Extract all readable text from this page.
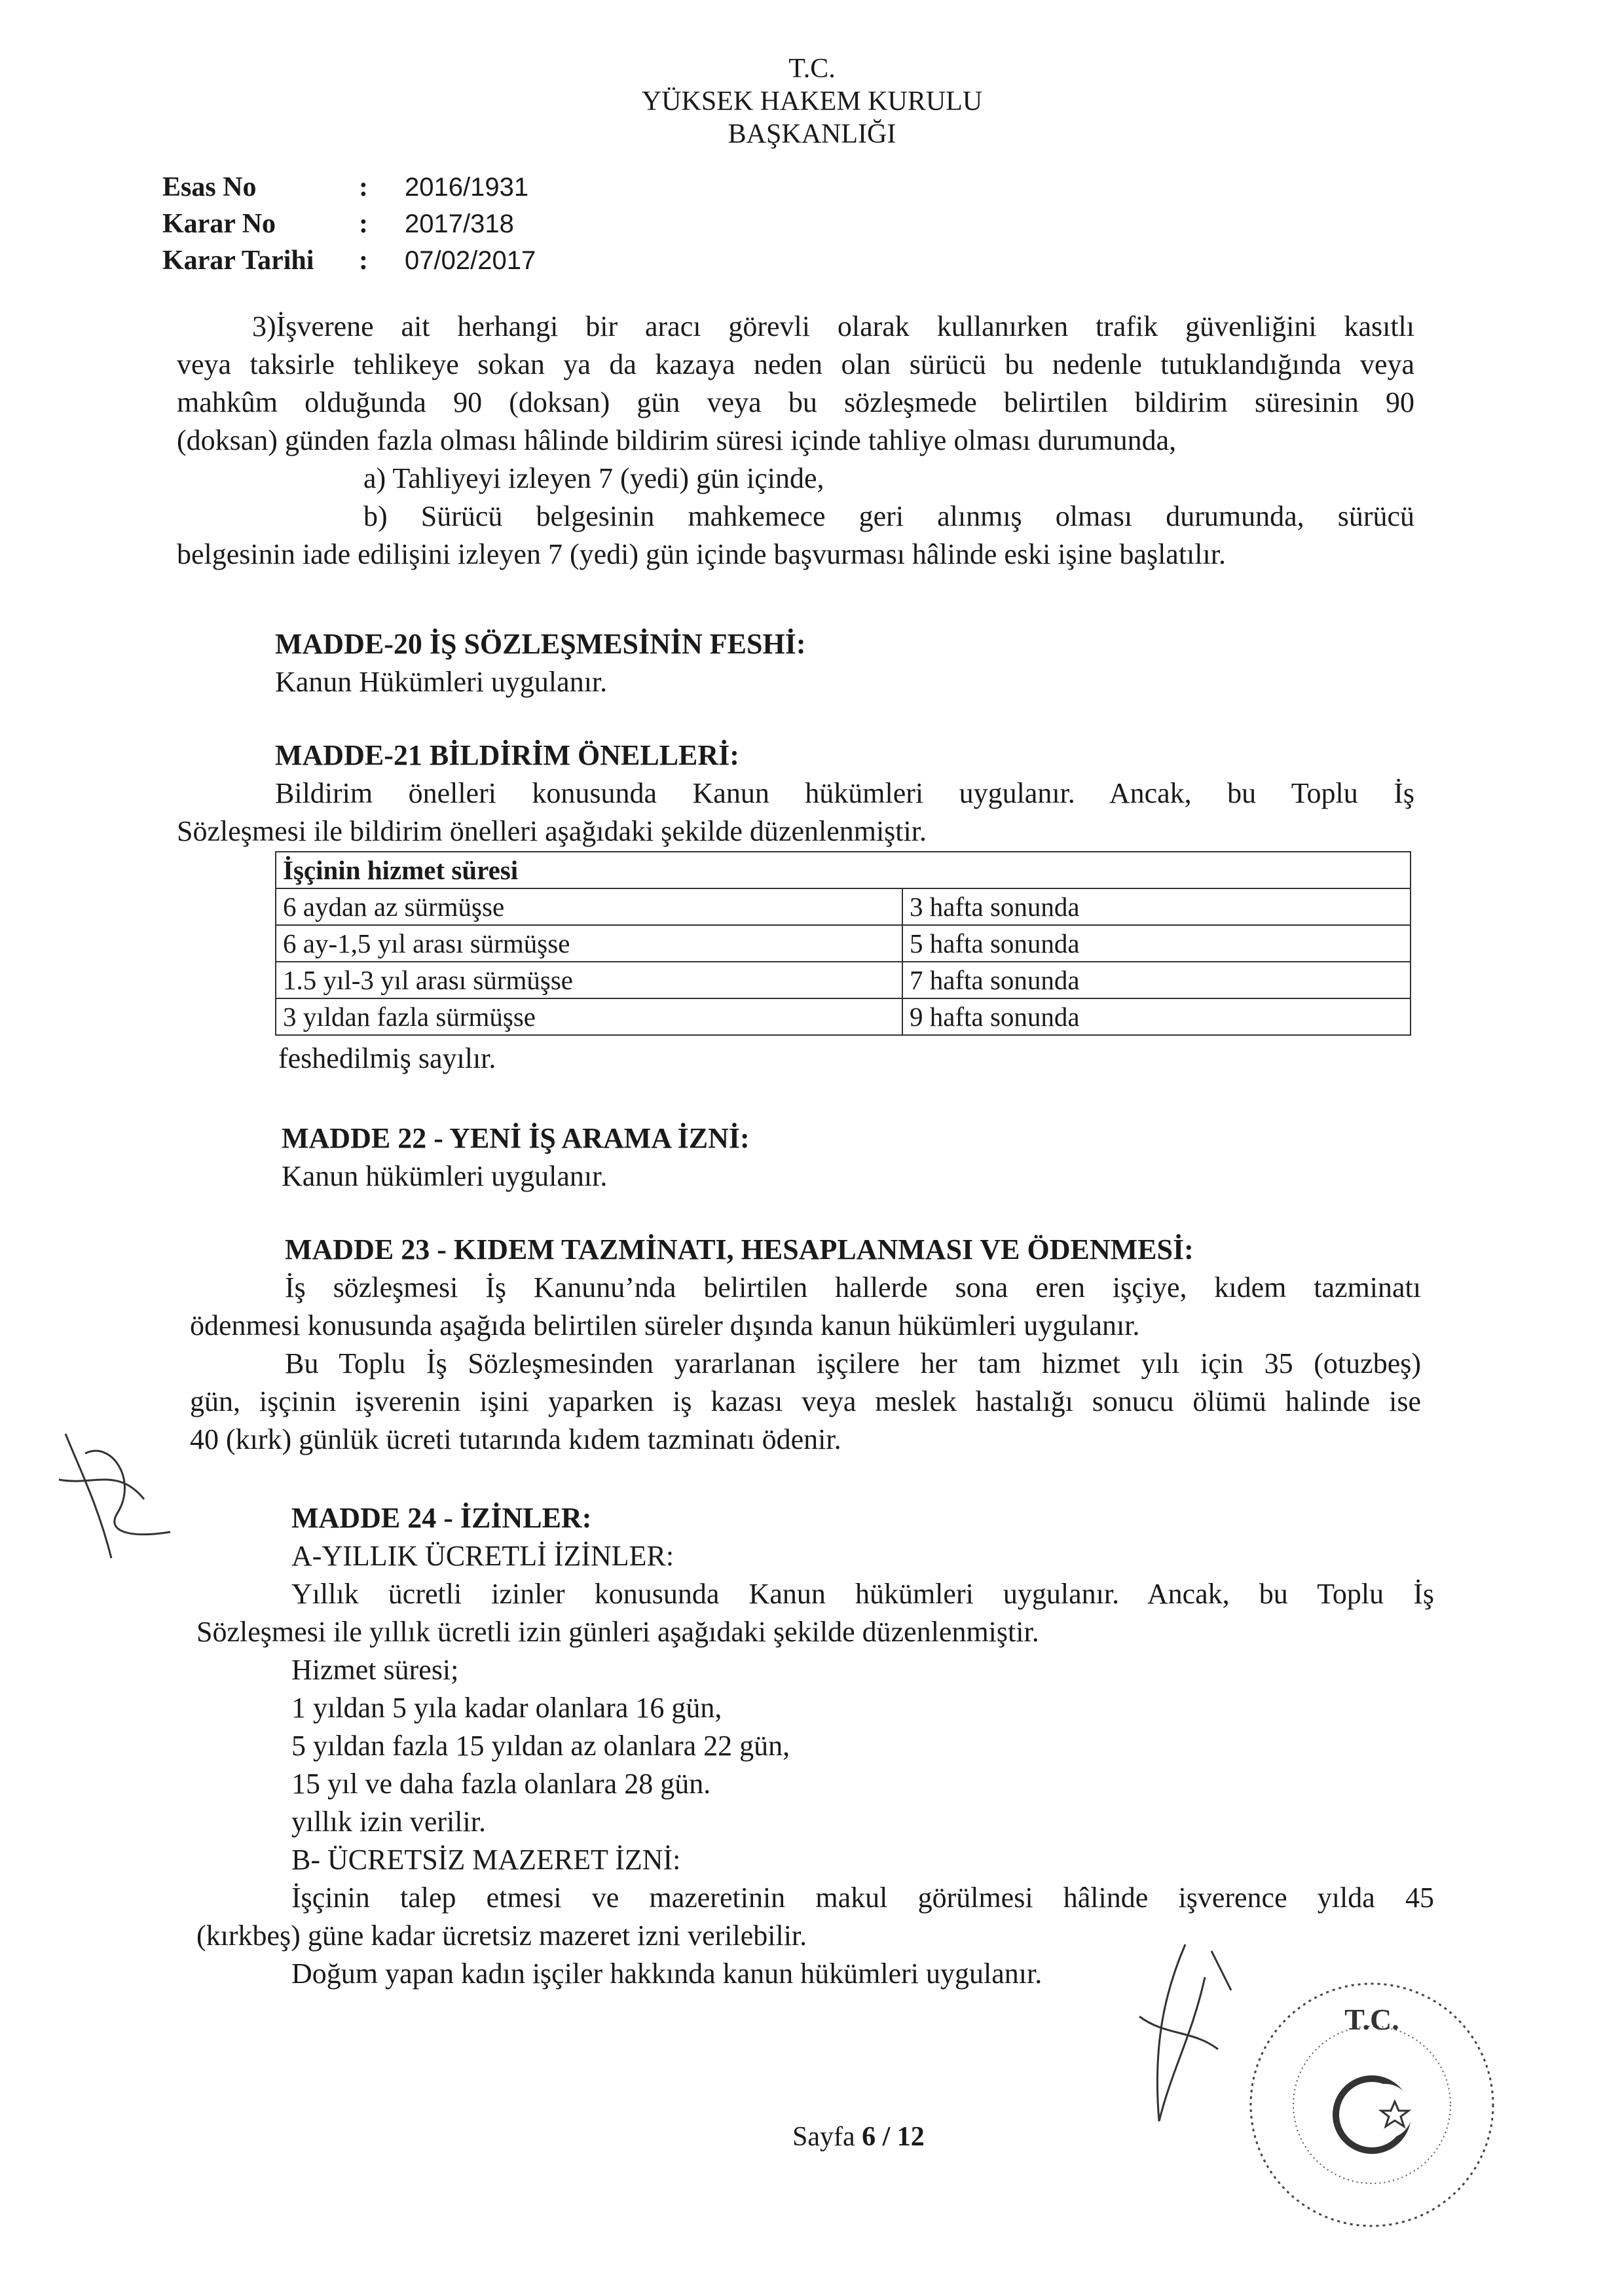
T.C.
YÜKSEK HAKEM KURULU
BAŞKANLIĞI
Esas No	: 2016/1931
Karar No	: 2017/318
Karar Tarihi : 07/02/2017
3)İşverene ait herhangi bir aracı görevli olarak kullanırken trafik güvenliğini kasıtlı
veya taksirle tehlikeye sokan ya da kazaya neden olan sürücü bu nedenle tutuklandığında veya
mahkûm olduğunda 90 (doksan) gün veya bu sözleşmede belirtilen bildirim süresinin 90
(doksan) günden fazla olması hâlinde bildirim süresi içinde tahliye olması durumunda,
a) Tahliyeyi izleyen 7 (yedi) gün içinde,
b) Sürücü belgesinin mahkemece geri alınmış olması durumunda, sürücü
belgesinin iade edilişini izleyen 7 (yedi) gün içinde başvurması hâlinde eski işine başlatılır.
MADDE-20 İŞ SÖZLEŞMESİNİN FESHİ:
Kanun Hükümleri uygulanır.
MADDE-21 BİLDİRİM ÖNELLERİ:
Bildirim önelleri konusunda Kanun hükümleri uygulanır. Ancak, bu Toplu İş
Sözleşmesi ile bildirim önelleri aşağıdaki şekilde düzenlenmiştir.
İşçinin hizmet süresi	
6 aydan az sürmüşse	3 hafta sonunda
6 ay-1,5 yıl arası sürmüşse	5 hafta sonunda
1.5 yıl-3 yıl arası sürmüşse	7 hafta sonunda
3 yıldan fazla sürmüşse	9 hafta sonunda
feshedilmiş sayılır.
MADDE 22 - YENİ İŞ ARAMA İZNİ:
Kanun hükümleri uygulanır.
MADDE 23 - KIDEM TAZMİNATI, HESAPLANMASI VE ÖDENMESİ:
İş sözleşmesi İş Kanunu’nda belirtilen hallerde sona eren işçiye, kıdem tazminatı
ödenmesi konusunda aşağıda belirtilen süreler dışında kanun hükümleri uygulanır.
Bu Toplu İş Sözleşmesinden yararlanan işçilere her tam hizmet yılı için 35 (otuzbeş)
gün, işçinin işverenin işini yaparken iş kazası veya meslek hastalığı sonucu ölümü halinde ise
40 (kırk) günlük ücreti tutarında kıdem tazminatı ödenir.
MADDE 24 - İZİNLER:
A-YILLIK ÜCRETLİ İZİNLER:
Yıllık ücretli izinler konusunda Kanun hükümleri uygulanır. Ancak, bu Toplu İş
Sözleşmesi ile yıllık ücretli izin günleri aşağıdaki şekilde düzenlenmiştir.
Hizmet süresi;
1 yıldan 5 yıla kadar olanlara 16 gün,
5 yıldan fazla 15 yıldan az olanlara 22 gün,
15 yıl ve daha fazla olanlara 28 gün.
yıllık izin verilir.
B- ÜCRETSİZ MAZERET İZNİ:
İşçinin talep etmesi ve mazeretinin makul görülmesi hâlinde işverence yılda 45
(kırkbeş) güne kadar ücretsiz mazeret izni verilebilir.
Doğum yapan kadın işçiler hakkında kanun hükümleri uygulanır.
T.C.
Sayfa 6 / 12
